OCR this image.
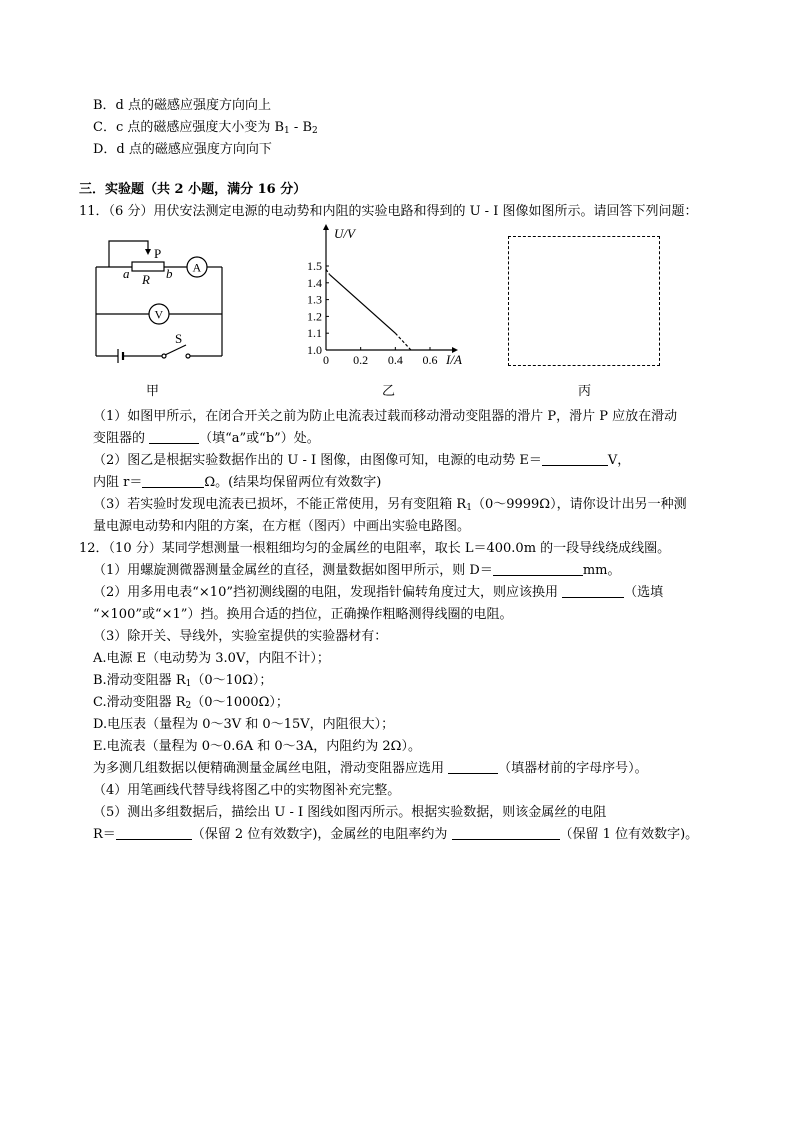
B．d 点的磁感应强度方向向上
C．c 点的磁感应强度大小变为 $B_1 - B_2$
D．d 点的磁感应强度方向向下
三．实验题（共 2 小题，满分 16 分）
11．（6 分）用伏安法测定电源的电动势和内阻的实验电路和得到的 U - I 图像如图所示。请回答下列问题：
P
a R b A
V
S
U/V
I/A
0 0.2 0.4 0.6
1.0
1.1
1.2
1.3
1.4
1.5
甲	乙	丙
（1）如图甲所示，在闭合开关之前为防止电流表过载而移动滑动变阻器的滑片 P，滑片 P 应放在滑动
变阻器的	（填“a”或“b”）处。
（2）图乙是根据实验数据作出的 U - I 图像，由图像可知，电源的电动势 E＝	V，
内阻 r＝	Ω。(结果均保留两位有效数字)
（3）若实验时发现电流表已损坏，不能正常使用，另有变阻箱 $R_1(0\sim 9999\Omega)$，请你设计出另一种测
量电源电动势和内阻的方案，在方框（图丙）中画出实验电路图。
12．（10 分）某同学想测量一根粗细均匀的金属丝的电阻率，取长 L＝400.0m 的一段导线绕成线圈。
（1）用螺旋测微器测量金属丝的直径，测量数据如图甲所示，则 D＝	mm。
（2）用多用电表“×10”挡初测线圈的电阻，发现指针偏转角度过大，则应该换用	（选填
“×100”或“×1”）挡。换用合适的挡位，正确操作粗略测得线圈的电阻。
（3）除开关、导线外，实验室提供的实验器材有：
A.电源 E（电动势为 3.0V，内阻不计）；
B.滑动变阻器 $R_1(0\sim 10\Omega)$；
C.滑动变阻器 $R_2(0\sim 1000\Omega)$；
D.电压表（量程为 0～3V 和 0～15V，内阻很大）；
E.电流表（量程为 0～0.6A 和 0～3A，内阻约为 2Ω）。
为多测几组数据以便精确测量金属丝电阻，滑动变阻器应选用	（填器材前的字母序号）。
（4）用笔画线代替导线将图乙中的实物图补充完整。
（5）测出多组数据后，描绘出 U - I 图线如图丙所示。根据实验数据，则该金属丝的电阻
R＝	（保留 2 位有效数字)，金属丝的电阻率约为	（保留 1 位有效数字)。
